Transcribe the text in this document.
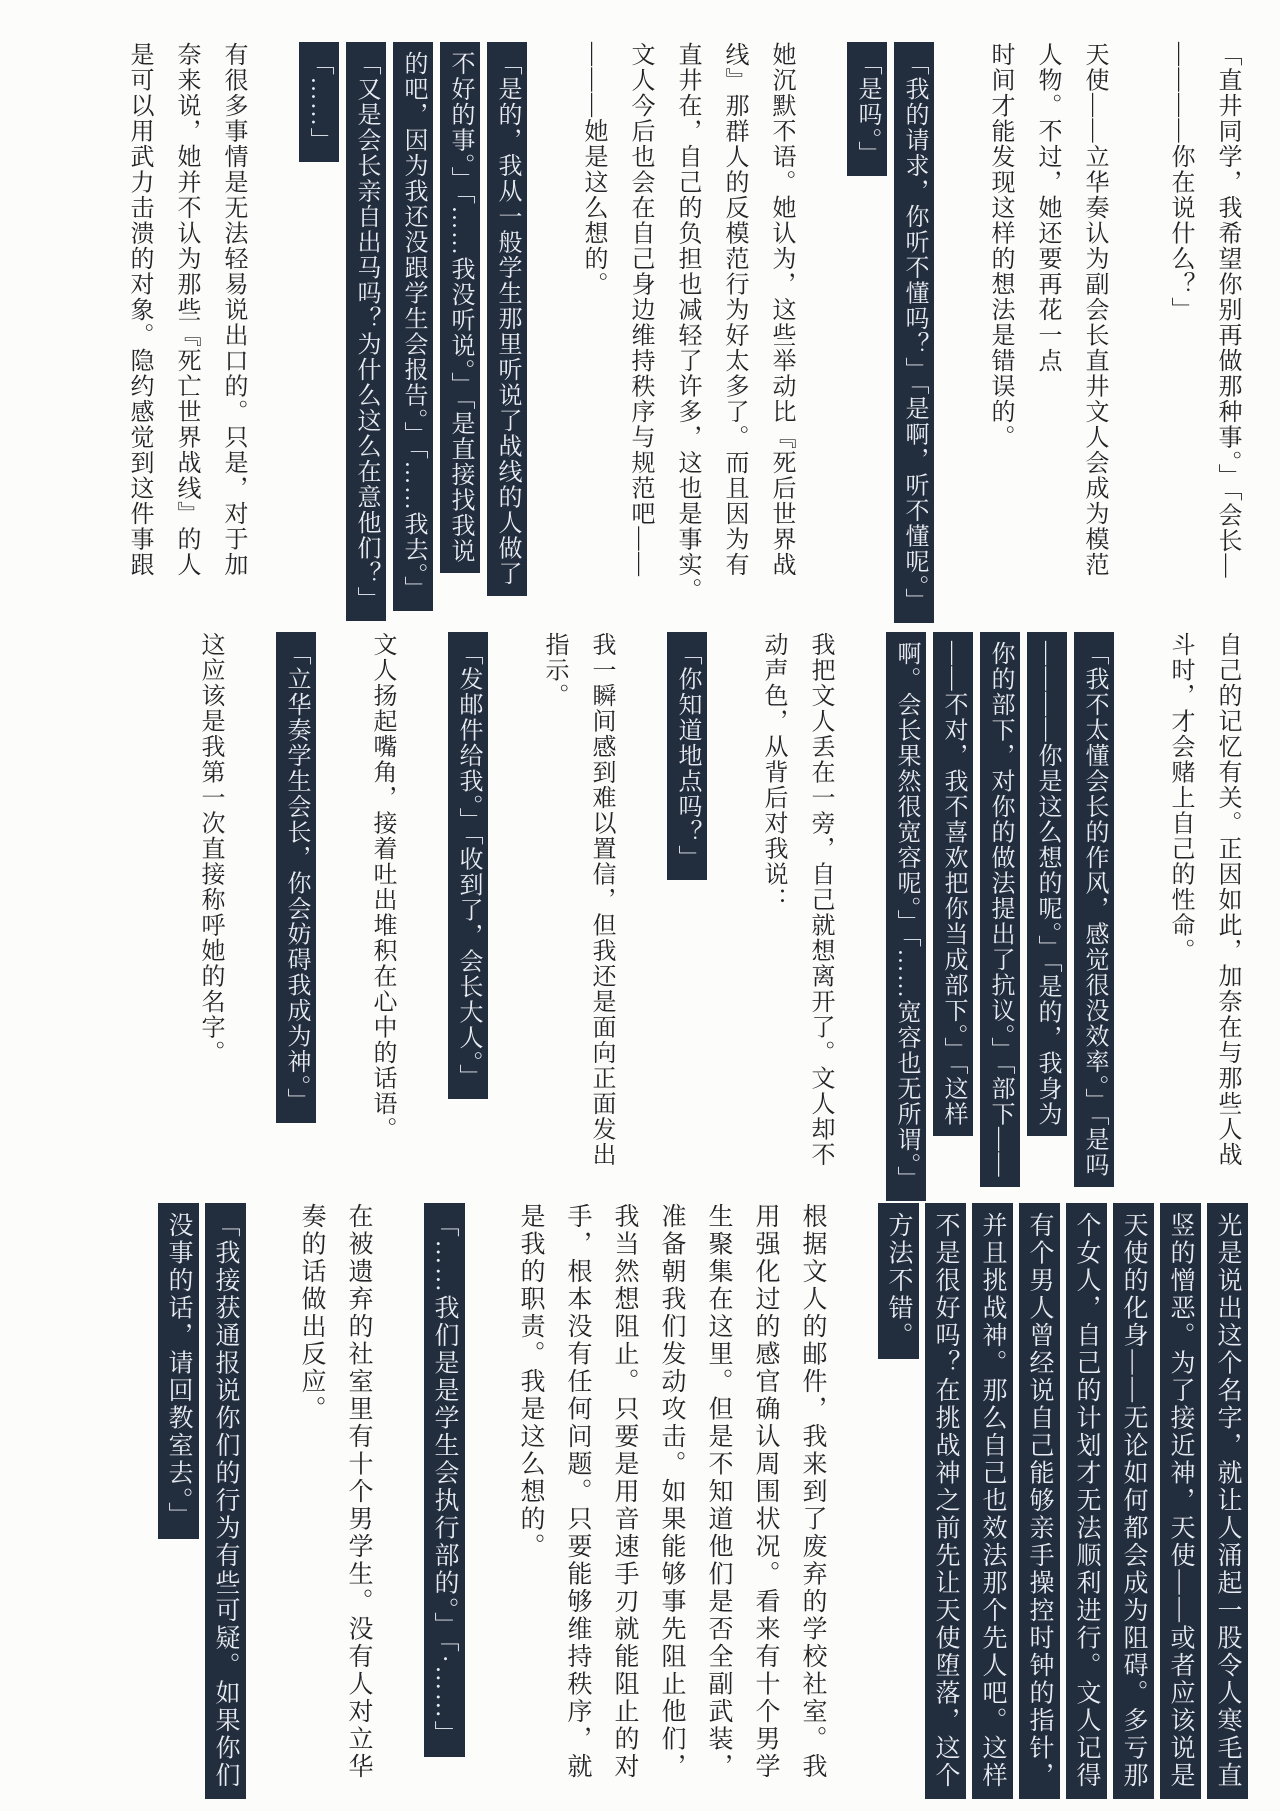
「直井同学，我希望你别再做那种事。」「会长—
————你在说什么？」
天使——立华奏认为副会长直井文人会成为模范
人物。不过，她还要再花一点
时间才能发现这样的想法是错误的。
「我的请求，你听不懂吗？」「是啊，听不懂呢。」
「是吗。」
她沉默不语。她认为，这些举动比『死后世界战
线』那群人的反模范行为好太多了。而且因为有
直井在，自己的负担也减轻了许多，这也是事实。
文人今后也会在自己身边维持秩序与规范吧——
———她是这么想的。
「是的，我从一般学生那里听说了战线的人做了
不好的事。」「……我没听说。」「是直接找我说
的吧，因为我还没跟学生会报告。」「……我去。」
「又是会长亲自出马吗？为什么这么在意他们？」
「……」
有很多事情是无法轻易说出口的。只是，对于加
奈来说，她并不认为那些『死亡世界战线』的人
是可以用武力击溃的对象。隐约感觉到这件事跟
自己的记忆有关。正因如此，加奈在与那些人战
斗时，才会赌上自己的性命。
「我不太懂会长的作风，感觉很没效率。」「是吗
————你是这么想的呢。」「是的，我身为
你的部下，对你的做法提出了抗议。」「部下——
——不对，我不喜欢把你当成部下。」「这样
啊。会长果然很宽容呢。」「……宽容也无所谓。」
我把文人丢在一旁，自己就想离开了。文人却不
动声色，从背后对我说：
「你知道地点吗？」
我一瞬间感到难以置信，但我还是面向正面发出
指示。
「发邮件给我。」「收到了，会长大人。」
文人扬起嘴角，接着吐出堆积在心中的话语。
「立华奏学生会长，你会妨碍我成为神。」
这应该是我第一次直接称呼她的名字。
光是说出这个名字，就让人涌起一股令人寒毛直
竖的憎恶。为了接近神，天使——或者应该说是
天使的化身——无论如何都会成为阻碍。多亏那
个女人，自己的计划才无法顺利进行。文人记得
有个男人曾经说自己能够亲手操控时钟的指针，
并且挑战神。那么自己也效法那个先人吧。这样
不是很好吗？在挑战神之前先让天使堕落，这个
方法不错。
根据文人的邮件，我来到了废弃的学校社室。我
用强化过的感官确认周围状况。看来有十个男学
生聚集在这里。但是不知道他们是否全副武装，
准备朝我们发动攻击。如果能够事先阻止他们，
我当然想阻止。只要是用音速手刃就能阻止的对
手，根本没有任何问题。只要能够维持秩序，就
是我的职责。我是这么想的。
「……我们是是学生会执行部的。」「·……」
在被遗弃的社室里有十个男学生。没有人对立华
奏的话做出反应。
「我接获通报说你们的行为有些可疑。如果你们
没事的话，请回教室去。」
